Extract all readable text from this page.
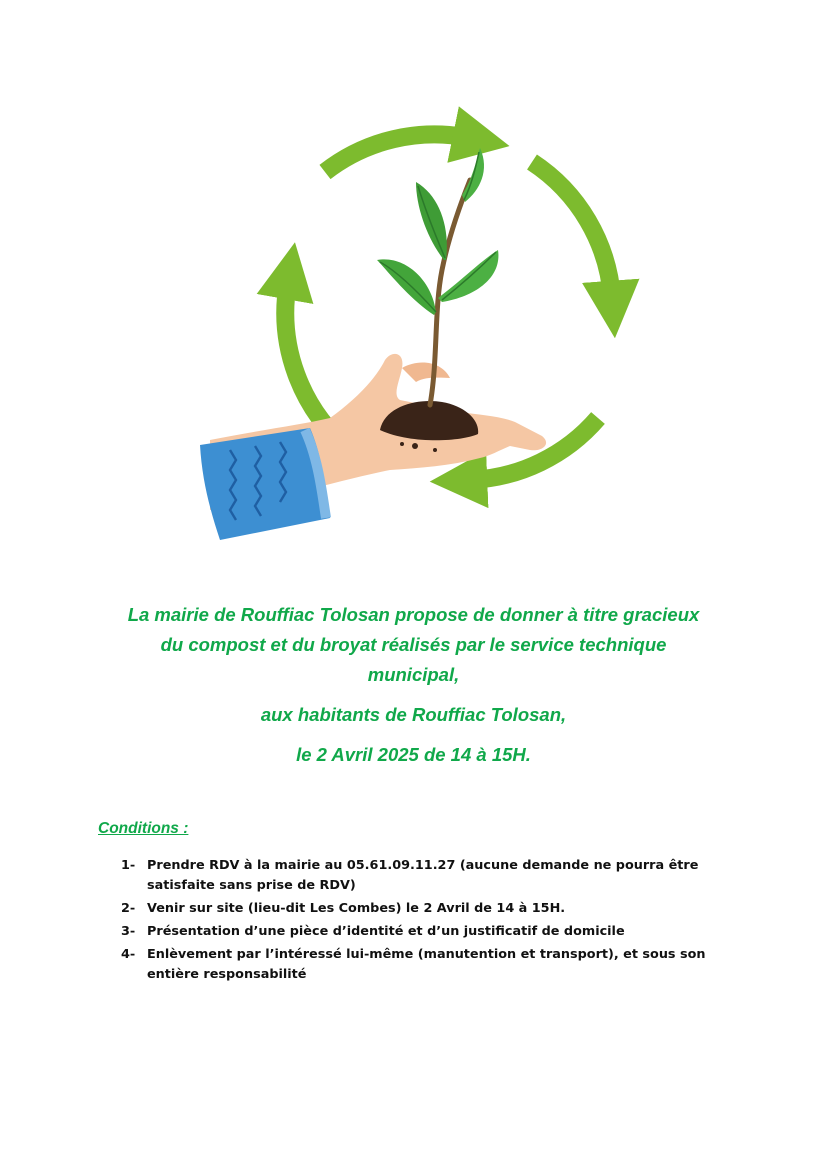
La mairie de Rouffiac Tolosan propose de donner à titre gracieux
du compost et du broyat réalisés par le service technique
municipal,
aux habitants de Rouffiac Tolosan,
le 2 Avril 2025 de 14 à 15H.

Conditions :

1- Prendre RDV à la mairie au 05.61.09.11.27 (aucune demande ne pourra être satisfaite sans prise de RDV)
2- Venir sur site (lieu-dit Les Combes) le 2 Avril de 14 à 15H.
3- Présentation d’une pièce d’identité et d’un justificatif de domicile
4- Enlèvement par l’intéressé lui-même (manutention et transport), et sous son entière responsabilité
